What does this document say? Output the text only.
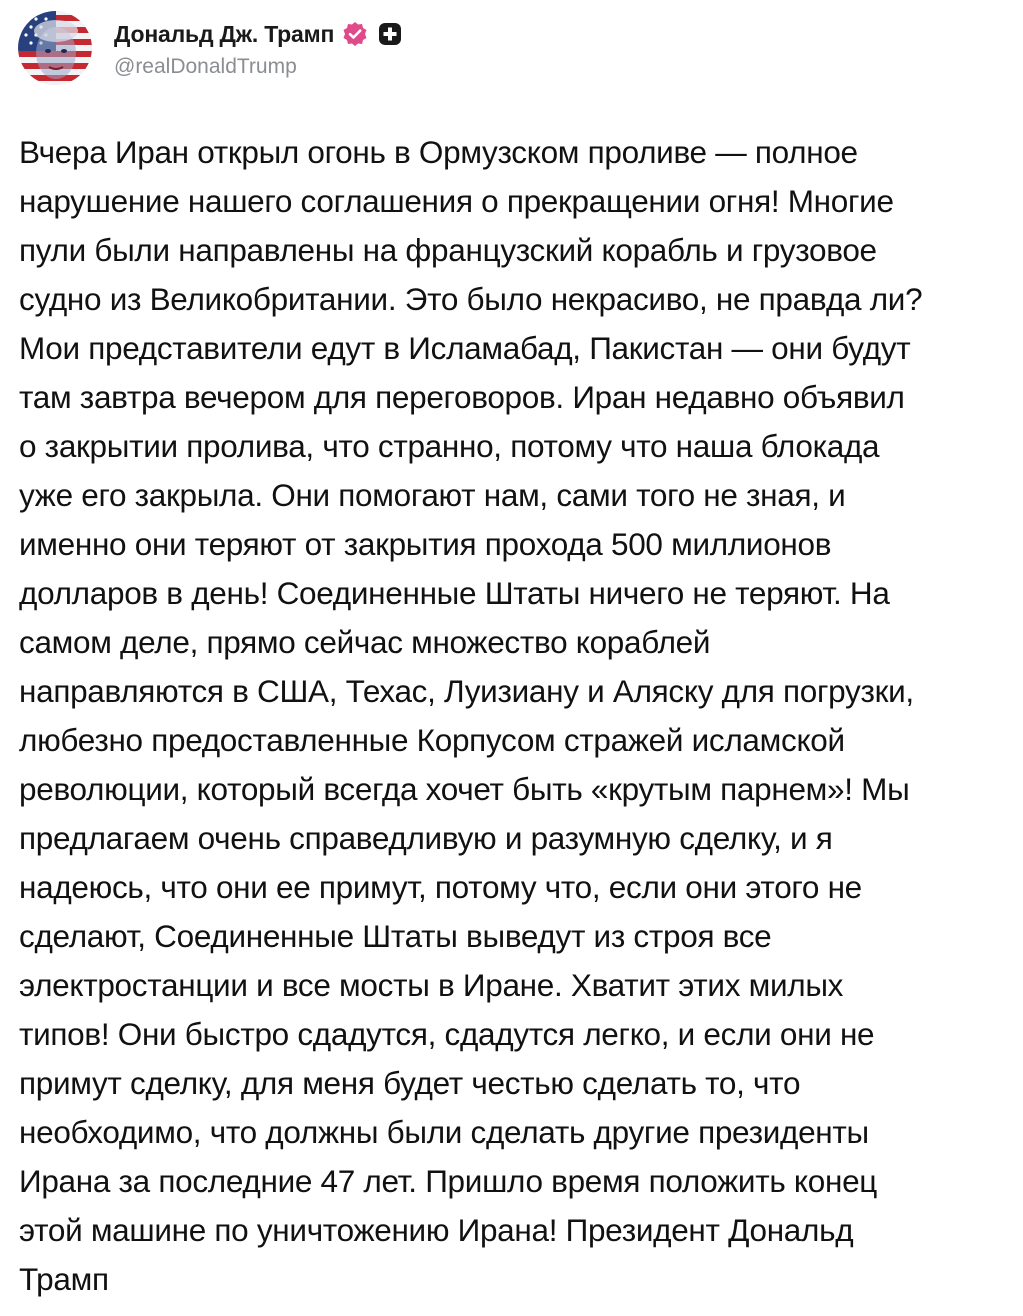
Дональд Дж. Трамп
@realDonaldTrump
Вчера Иран открыл огонь в Ормузском проливе — полное
нарушение нашего соглашения о прекращении огня! Многие
пули были направлены на французский корабль и грузовое
судно из Великобритании. Это было некрасиво, не правда ли?
Мои представители едут в Исламабад, Пакистан — они будут
там завтра вечером для переговоров. Иран недавно объявил
о закрытии пролива, что странно, потому что наша блокада
уже его закрыла. Они помогают нам, сами того не зная, и
именно они теряют от закрытия прохода 500 миллионов
долларов в день! Соединенные Штаты ничего не теряют. На
самом деле, прямо сейчас множество кораблей
направляются в США, Техас, Луизиану и Аляску для погрузки,
любезно предоставленные Корпусом стражей исламской
революции, который всегда хочет быть «крутым парнем»! Мы
предлагаем очень справедливую и разумную сделку, и я
надеюсь, что они ее примут, потому что, если они этого не
сделают, Соединенные Штаты выведут из строя все
электростанции и все мосты в Иране. Хватит этих милых
типов! Они быстро сдадутся, сдадутся легко, и если они не
примут сделку, для меня будет честью сделать то, что
необходимо, что должны были сделать другие президенты
Ирана за последние 47 лет. Пришло время положить конец
этой машине по уничтожению Ирана! Президент Дональд
Трамп
